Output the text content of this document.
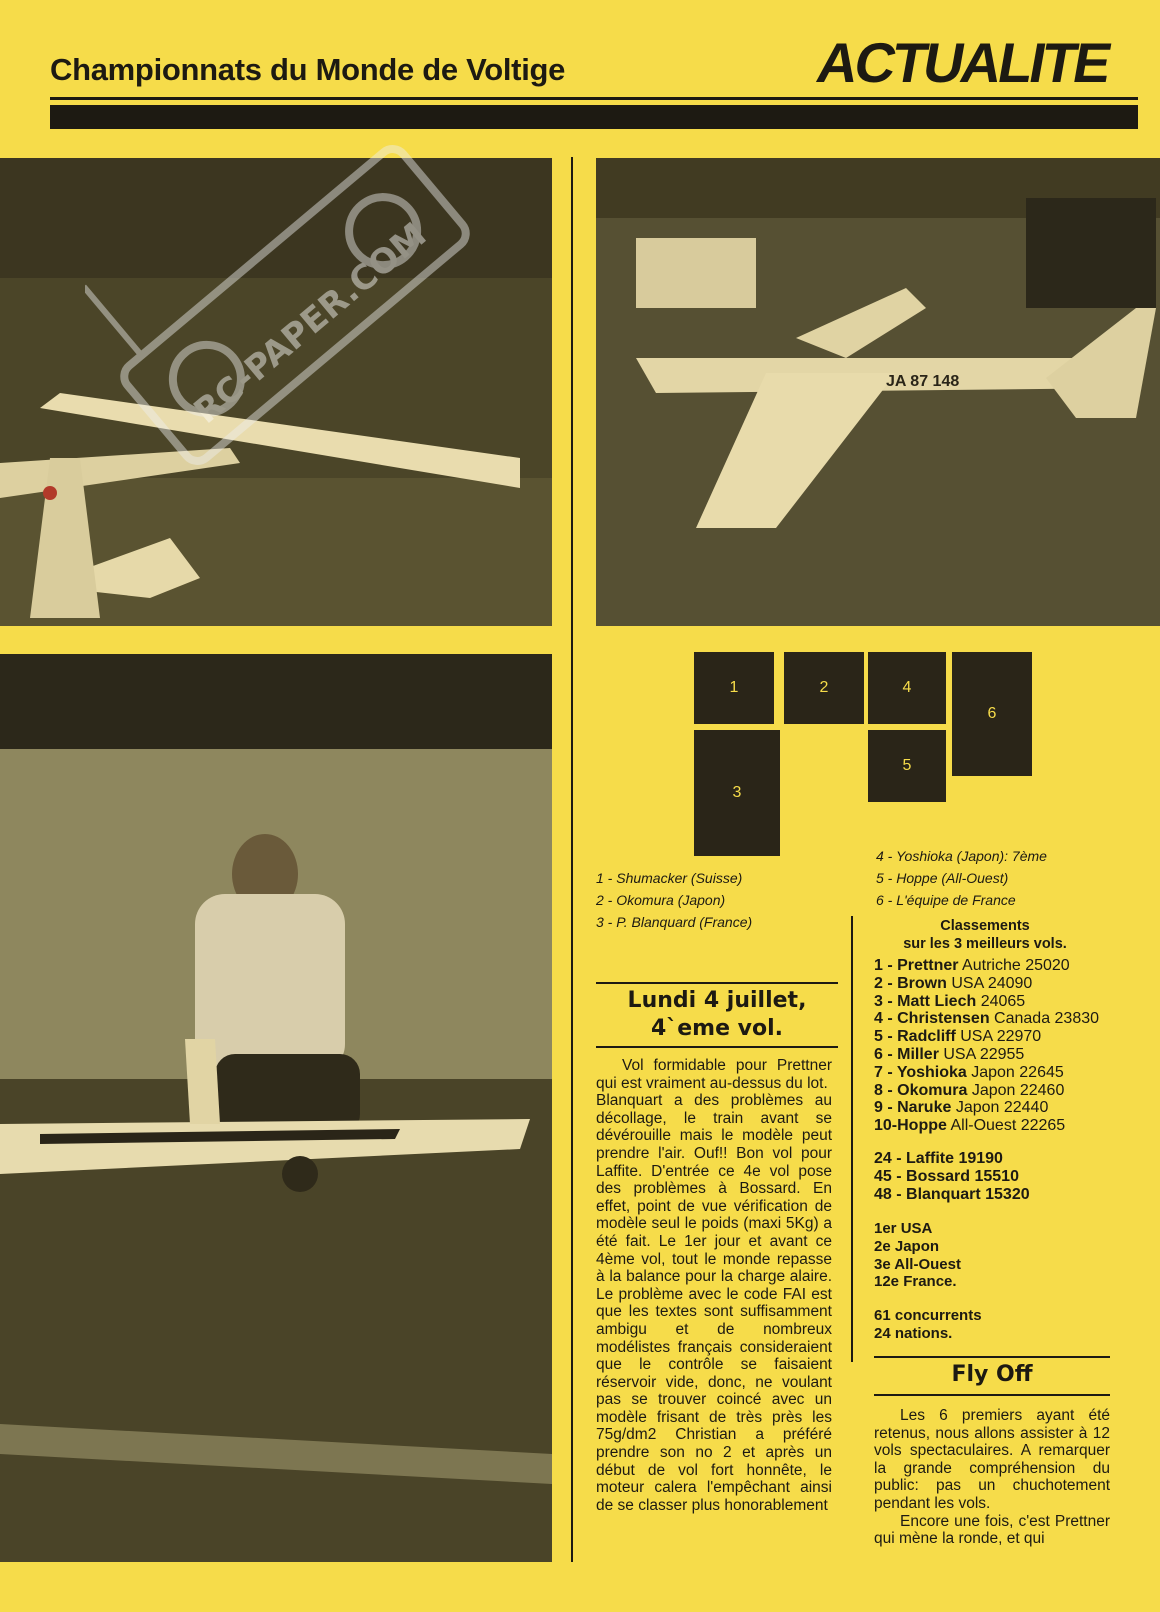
Championnats du Monde de Voltige	ACTUALITE
JA 87 148
1	2
3
4
5
6
1 - Shumacker (Suisse)
2 - Okomura (Japon)
3 - P. Blanquard (France)
4 - Yoshioka (Japon): 7ème
5 - Hoppe (All-Ouest)
6 - L'équipe de France
Lundi 4 juillet,
4`eme vol.

Vol formidable pour Prettner qui est vraiment au-dessus du lot.

Blanquart a des problèmes au décollage, le train avant se dévérouille mais le modèle peut prendre l'air. Ouf!! Bon vol pour Laffite. D'entrée ce 4e vol pose des problèmes à Bossard. En effet, point de vue vérification de modèle seul le poids (maxi 5Kg) a été fait. Le 1er jour et avant ce 4ème vol, tout le monde repasse à la balance pour la charge alaire. Le problème avec le code FAI est que les textes sont suffisamment ambigu et de nombreux modélistes français consideraient que le contrôle se faisaient réservoir vide, donc, ne voulant pas se trouver coincé avec un modèle frisant de très près les 75g/dm2 Christian a préféré prendre son no 2 et après un début de vol fort honnête, le moteur calera l'empêchant ainsi de se classer plus honorablement

Classements
sur les 3 meilleurs vols.
1 - Prettner Autriche 25020
2 - Brown USA 24090
3 - Matt Liech 24065
4 - Christensen Canada 23830
5 - Radcliff USA 22970
6 - Miller USA 22955
7 - Yoshioka Japon 22645
8 - Okomura Japon 22460
9 - Naruke Japon 22440
10-Hoppe All-Ouest 22265
24 - Laffite 19190
45 - Bossard 15510
48 - Blanquart 15320
1er USA
2e Japon
3e All-Ouest
12e France.
61 concurrents
24 nations.
Fly Off

Les 6 premiers ayant été retenus, nous allons assister à 12 vols spectaculaires. A remarquer la grande compréhension du public: pas un chuchotement pendant les vols.

Encore une fois, c'est Prettner qui mène la ronde, et qui

RC-PAPER.COM
